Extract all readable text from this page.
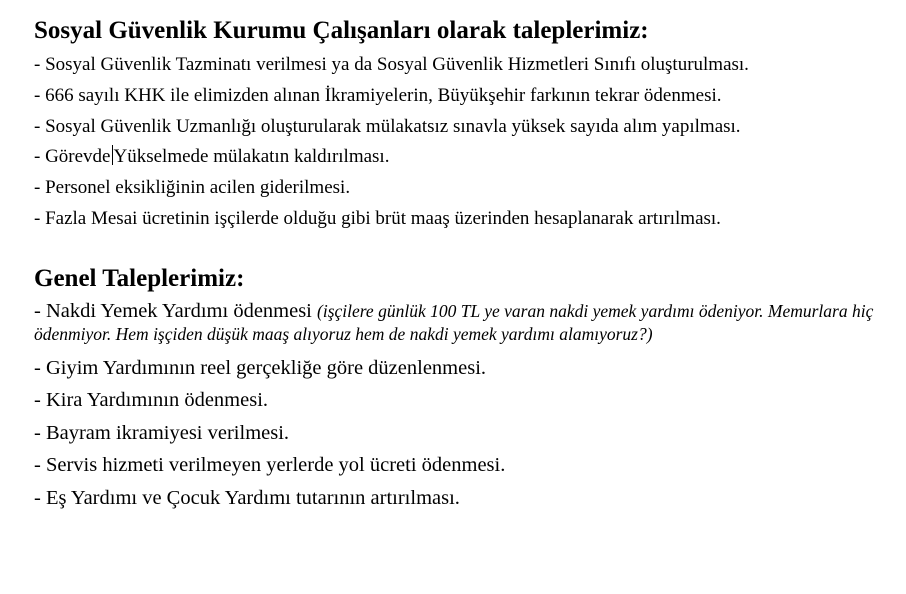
Sosyal Güvenlik Kurumu Çalışanları olarak taleplerimiz:
- Sosyal Güvenlik Tazminatı verilmesi ya da Sosyal Güvenlik Hizmetleri Sınıfı oluşturulması.
- 666 sayılı KHK ile elimizden alınan İkramiyelerin, Büyükşehir farkının tekrar ödenmesi.
- Sosyal Güvenlik Uzmanlığı oluşturularak mülakatsız sınavla yüksek sayıda alım yapılması.
- Görevde Yükselmede mülakatın kaldırılması.
- Personel eksikliğinin acilen giderilmesi.
- Fazla Mesai ücretinin işçilerde olduğu gibi brüt maaş üzerinden hesaplanarak artırılması.
Genel Taleplerimiz:
- Nakdi Yemek Yardımı ödenmesi (işçilere günlük 100 TL ye varan nakdi yemek yardımı ödeniyor. Memurlara hiç ödenmiyor. Hem işçiden düşük maaş alıyoruz hem de nakdi yemek yardımı alamıyoruz?)
- Giyim Yardımının reel gerçekliğe göre düzenlenmesi.
- Kira Yardımının ödenmesi.
- Bayram ikramiyesi verilmesi.
- Servis hizmeti verilmeyen yerlerde yol ücreti ödenmesi.
- Eş Yardımı ve Çocuk Yardımı tutarının artırılması.
